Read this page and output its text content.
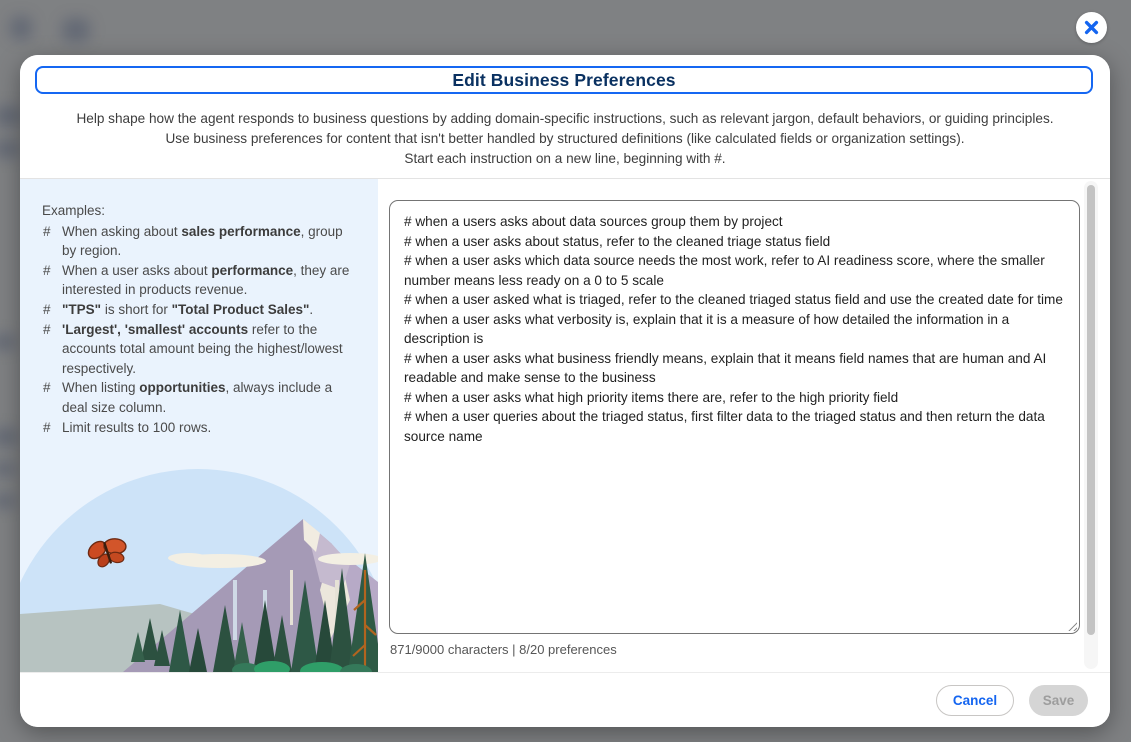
Edit Business Preferences
Help shape how the agent responds to business questions by adding domain-specific instructions, such as relevant jargon, default behaviors, or guiding principles.
Use business preferences for content that isn't better handled by structured definitions (like calculated fields or organization settings).
Start each instruction on a new line, beginning with #.
Examples:
# When asking about sales performance, group by region.
# When a user asks about performance, they are interested in products revenue.
# "TPS" is short for "Total Product Sales".
# 'Largest', 'smallest' accounts refer to the accounts total amount being the highest/lowest respectively.
# When listing opportunities, always include a deal size column.
# Limit results to 100 rows.
# when a users asks about data sources group them by project # when a user asks about status, refer to the cleaned triage status field # when a user asks which data source needs the most work, refer to AI readiness score, where the smaller number means less ready on a 0 to 5 scale # when a user asked what is triaged, refer to the cleaned triaged status field and use the created date for time # when a user asks what verbosity is, explain that it is a measure of how detailed the information in a description is # when a user asks what business friendly means, explain that it means field names that are human and AI readable and make sense to the business # when a user asks what high priority items there are, refer to the high priority field # when a user queries about the triaged status, first filter data to the triaged status and then return the data source name
871/9000 characters | 8/20 preferences
Cancel	Save
